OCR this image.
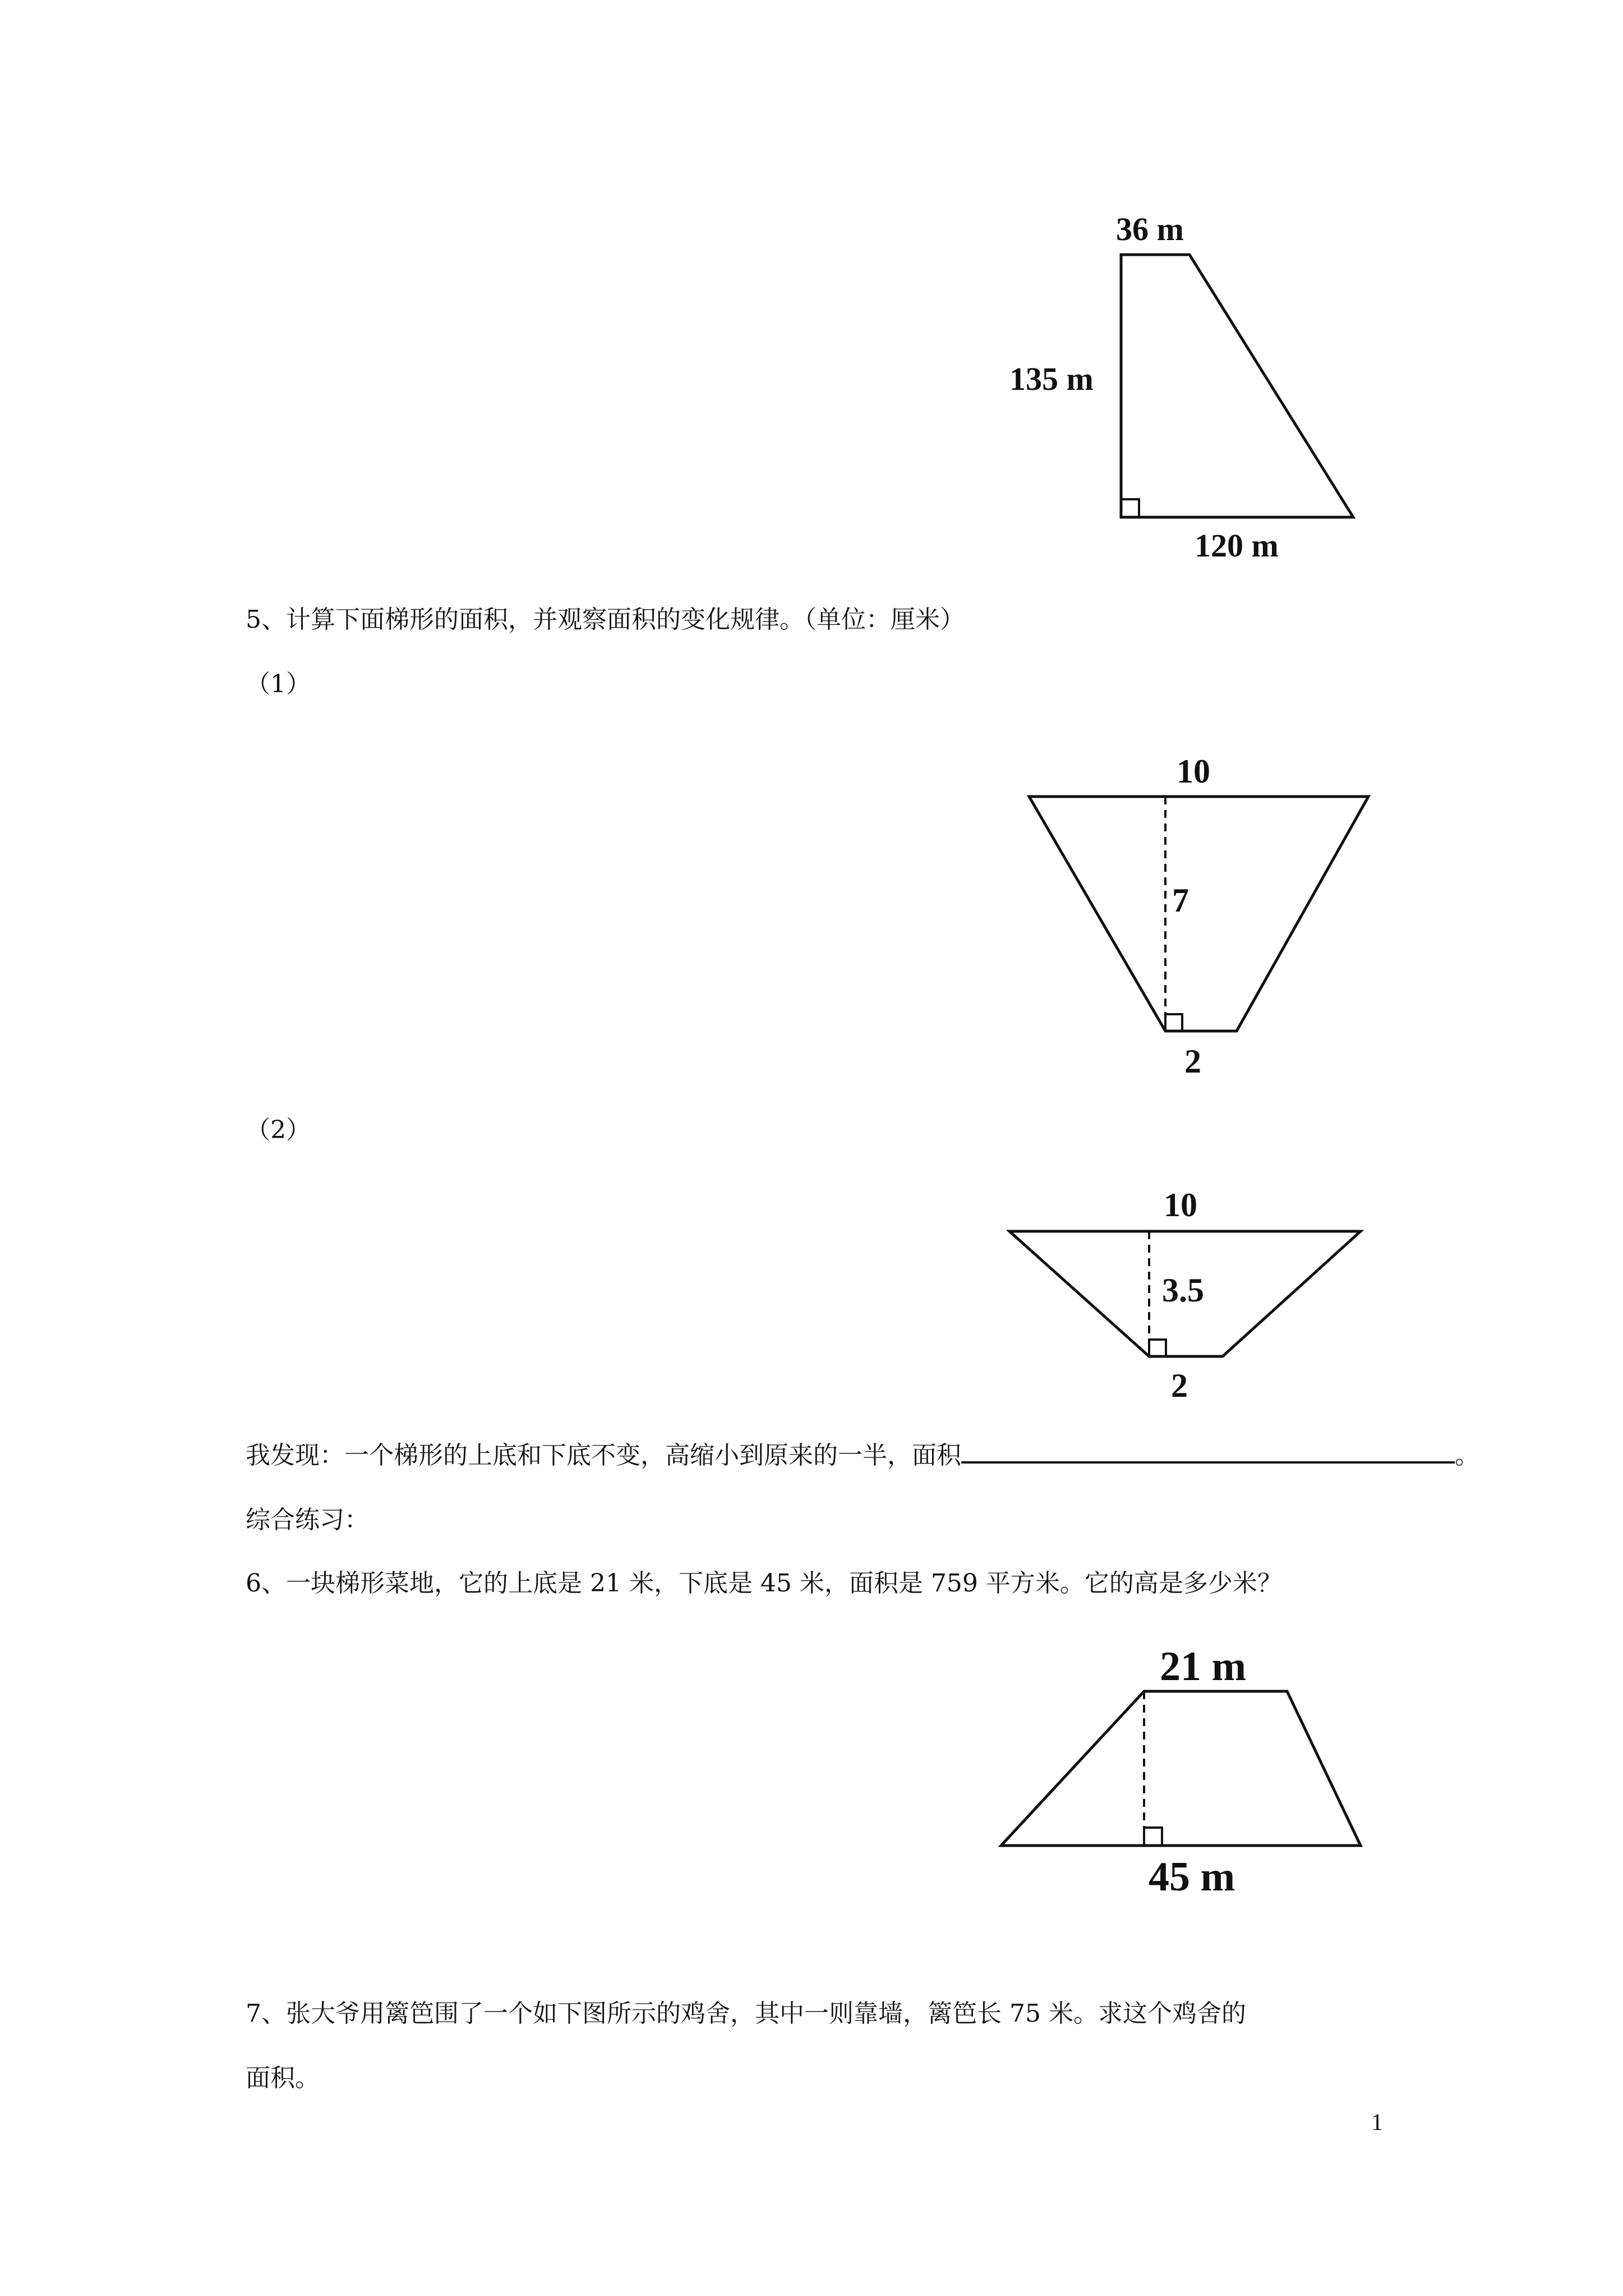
36 m
135 m
120 m
5、计算下面梯形的面积，并观察面积的变化规律。（单位：厘米）
（1）
10
7
2
（2）
10
3.5
2
我发现：一个梯形的上底和下底不变，高缩小到原来的一半，面积	。
综合练习：
6、一块梯形菜地，它的上底是 21 米，下底是 45 米，面积是 759 平方米。它的高是多少米？
21 m
45 m
7、张大爷用篱笆围了一个如下图所示的鸡舍，其中一则靠墙，篱笆长 75 米。求这个鸡舍的
面积。
1
